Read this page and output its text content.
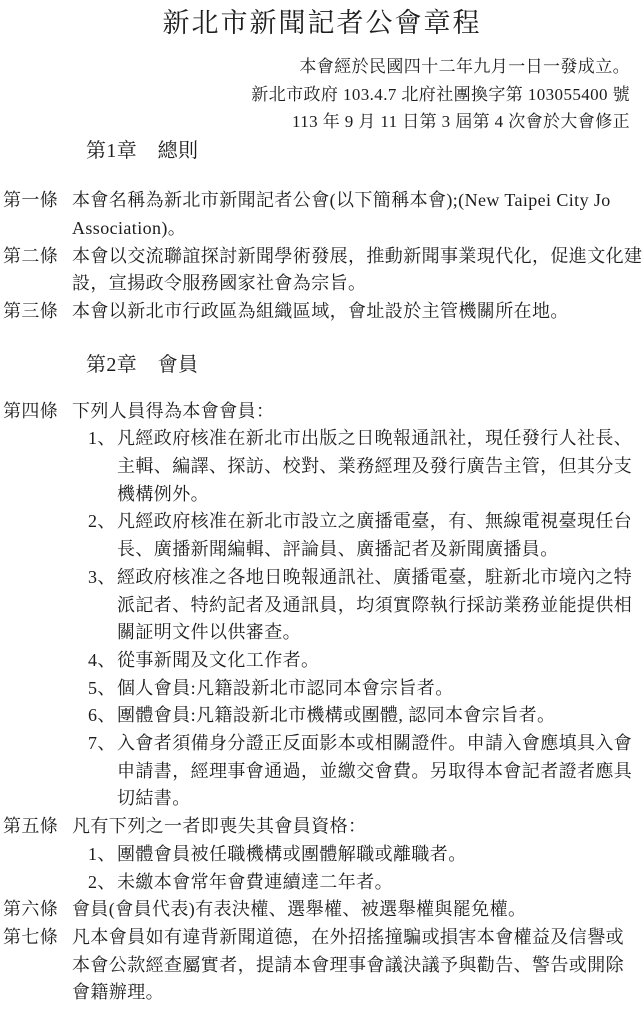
新北市新聞記者公會章程
本會經於民國四十二年九月一日一發成立。
新北市政府 103.4.7 北府社團換字第 103055400 號
113 年 9 月 11 日第 3 屆第 4 次會於大會修正
第1章　總則
第一條 本會名稱為新北市新聞記者公會(以下簡稱本會);(New Taipei City Jo
Association)。
第二條 本會以交流聯誼探討新聞學術發展，推動新聞事業現代化，促進文化建
設，宣揚政令服務國家社會為宗旨。
第三條 本會以新北市行政區為組織區域，會址設於主管機關所在地。
第2章　會員
第四條 下列人員得為本會會員：
1、 凡經政府核准在新北市出版之日晚報通訊社，現任發行人社長、
主輯、編譯、探訪、校對、業務經理及發行廣告主管，但其分支
機構例外。
2、 凡經政府核准在新北市設立之廣播電臺，有、無線電視臺現任台
長、廣播新聞編輯、評論員、廣播記者及新聞廣播員。
3、 經政府核准之各地日晚報通訊社、廣播電臺，駐新北市境內之特
派記者、特約記者及通訊員，均須實際執行採訪業務並能提供相
關証明文件以供審查。
4、 從事新聞及文化工作者。
5、 個人會員:凡籍設新北市認同本會宗旨者。
6、 團體會員:凡籍設新北市機構或團體, 認同本會宗旨者。
7、 入會者須備身分證正反面影本或相關證件。申請入會應填具入會
申請書，經理事會通過，並繳交會費。另取得本會記者證者應具
切結書。
第五條 凡有下列之一者即喪失其會員資格：
1、 團體會員被任職機構或團體解職或離職者。
2、 未繳本會常年會費連續達二年者。
第六條 會員(會員代表)有表決權、選舉權、被選舉權與罷免權。
第七條 凡本會員如有違背新聞道德，在外招搖撞騙或損害本會權益及信譽或
本會公款經查屬實者，提請本會理事會議決議予與勸告、警告或開除
會籍辦理。
